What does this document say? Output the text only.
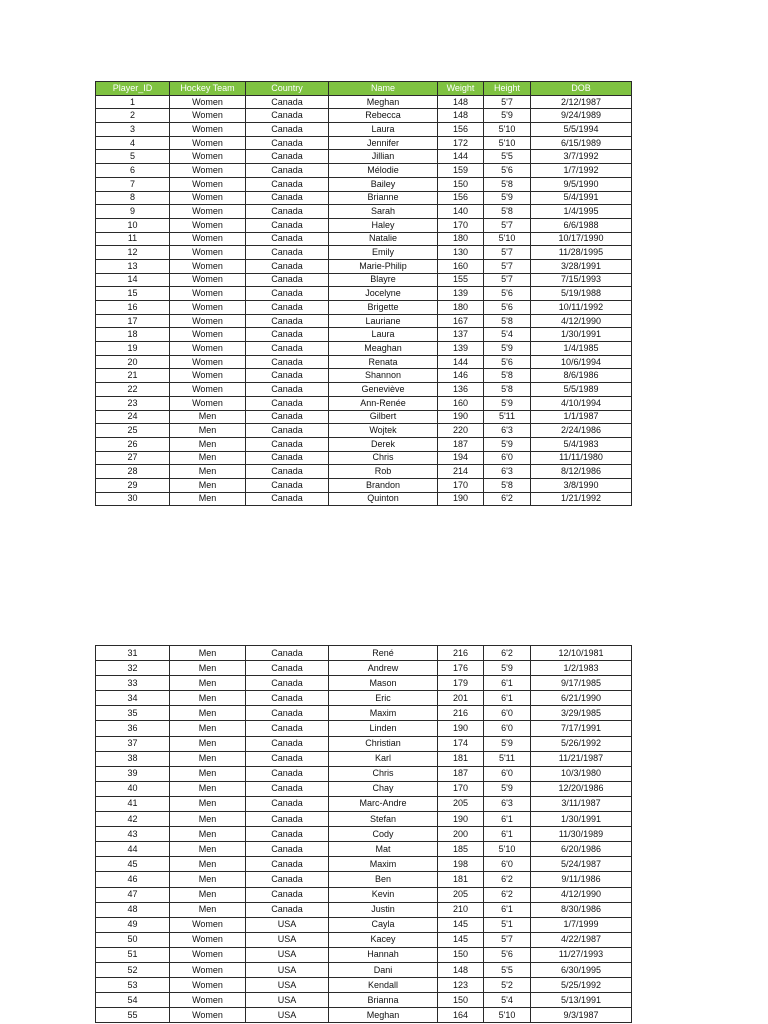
Player_ID	Hockey Team	Country	Name	Weight	Height	DOB
1	Women	Canada	Meghan	148	5'7	2/12/1987
2	Women	Canada	Rebecca	148	5'9	9/24/1989
3	Women	Canada	Laura	156	5'10	5/5/1994
4	Women	Canada	Jennifer	172	5'10	6/15/1989
5	Women	Canada	Jillian	144	5'5	3/7/1992
6	Women	Canada	Mélodie	159	5'6	1/7/1992
7	Women	Canada	Bailey	150	5'8	9/5/1990
8	Women	Canada	Brianne	156	5'9	5/4/1991
9	Women	Canada	Sarah	140	5'8	1/4/1995
10	Women	Canada	Haley	170	5'7	6/6/1988
11	Women	Canada	Natalie	180	5'10	10/17/1990
12	Women	Canada	Emily	130	5'7	11/28/1995
13	Women	Canada	Marie-Philip	160	5'7	3/28/1991
14	Women	Canada	Blayre	155	5'7	7/15/1993
15	Women	Canada	Jocelyne	139	5'6	5/19/1988
16	Women	Canada	Brigette	180	5'6	10/11/1992
17	Women	Canada	Lauriane	167	5'8	4/12/1990
18	Women	Canada	Laura	137	5'4	1/30/1991
19	Women	Canada	Meaghan	139	5'9	1/4/1985
20	Women	Canada	Renata	144	5'6	10/6/1994
21	Women	Canada	Shannon	146	5'8	8/6/1986
22	Women	Canada	Geneviève	136	5'8	5/5/1989
23	Women	Canada	Ann-Renée	160	5'9	4/10/1994
24	Men	Canada	Gilbert	190	5'11	1/1/1987
25	Men	Canada	Wojtek	220	6'3	2/24/1986
26	Men	Canada	Derek	187	5'9	5/4/1983
27	Men	Canada	Chris	194	6'0	11/11/1980
28	Men	Canada	Rob	214	6'3	8/12/1986
29	Men	Canada	Brandon	170	5'8	3/8/1990
30	Men	Canada	Quinton	190	6'2	1/21/1992
31	Men	Canada	René	216	6'2	12/10/1981
32	Men	Canada	Andrew	176	5'9	1/2/1983
33	Men	Canada	Mason	179	6'1	9/17/1985
34	Men	Canada	Eric	201	6'1	6/21/1990
35	Men	Canada	Maxim	216	6'0	3/29/1985
36	Men	Canada	Linden	190	6'0	7/17/1991
37	Men	Canada	Christian	174	5'9	5/26/1992
38	Men	Canada	Karl	181	5'11	11/21/1987
39	Men	Canada	Chris	187	6'0	10/3/1980
40	Men	Canada	Chay	170	5'9	12/20/1986
41	Men	Canada	Marc-Andre	205	6'3	3/11/1987
42	Men	Canada	Stefan	190	6'1	1/30/1991
43	Men	Canada	Cody	200	6'1	11/30/1989
44	Men	Canada	Mat	185	5'10	6/20/1986
45	Men	Canada	Maxim	198	6'0	5/24/1987
46	Men	Canada	Ben	181	6'2	9/11/1986
47	Men	Canada	Kevin	205	6'2	4/12/1990
48	Men	Canada	Justin	210	6'1	8/30/1986
49	Women	USA	Cayla	145	5'1	1/7/1999
50	Women	USA	Kacey	145	5'7	4/22/1987
51	Women	USA	Hannah	150	5'6	11/27/1993
52	Women	USA	Dani	148	5'5	6/30/1995
53	Women	USA	Kendall	123	5'2	5/25/1992
54	Women	USA	Brianna	150	5'4	5/13/1991
55	Women	USA	Meghan	164	5'10	9/3/1987
